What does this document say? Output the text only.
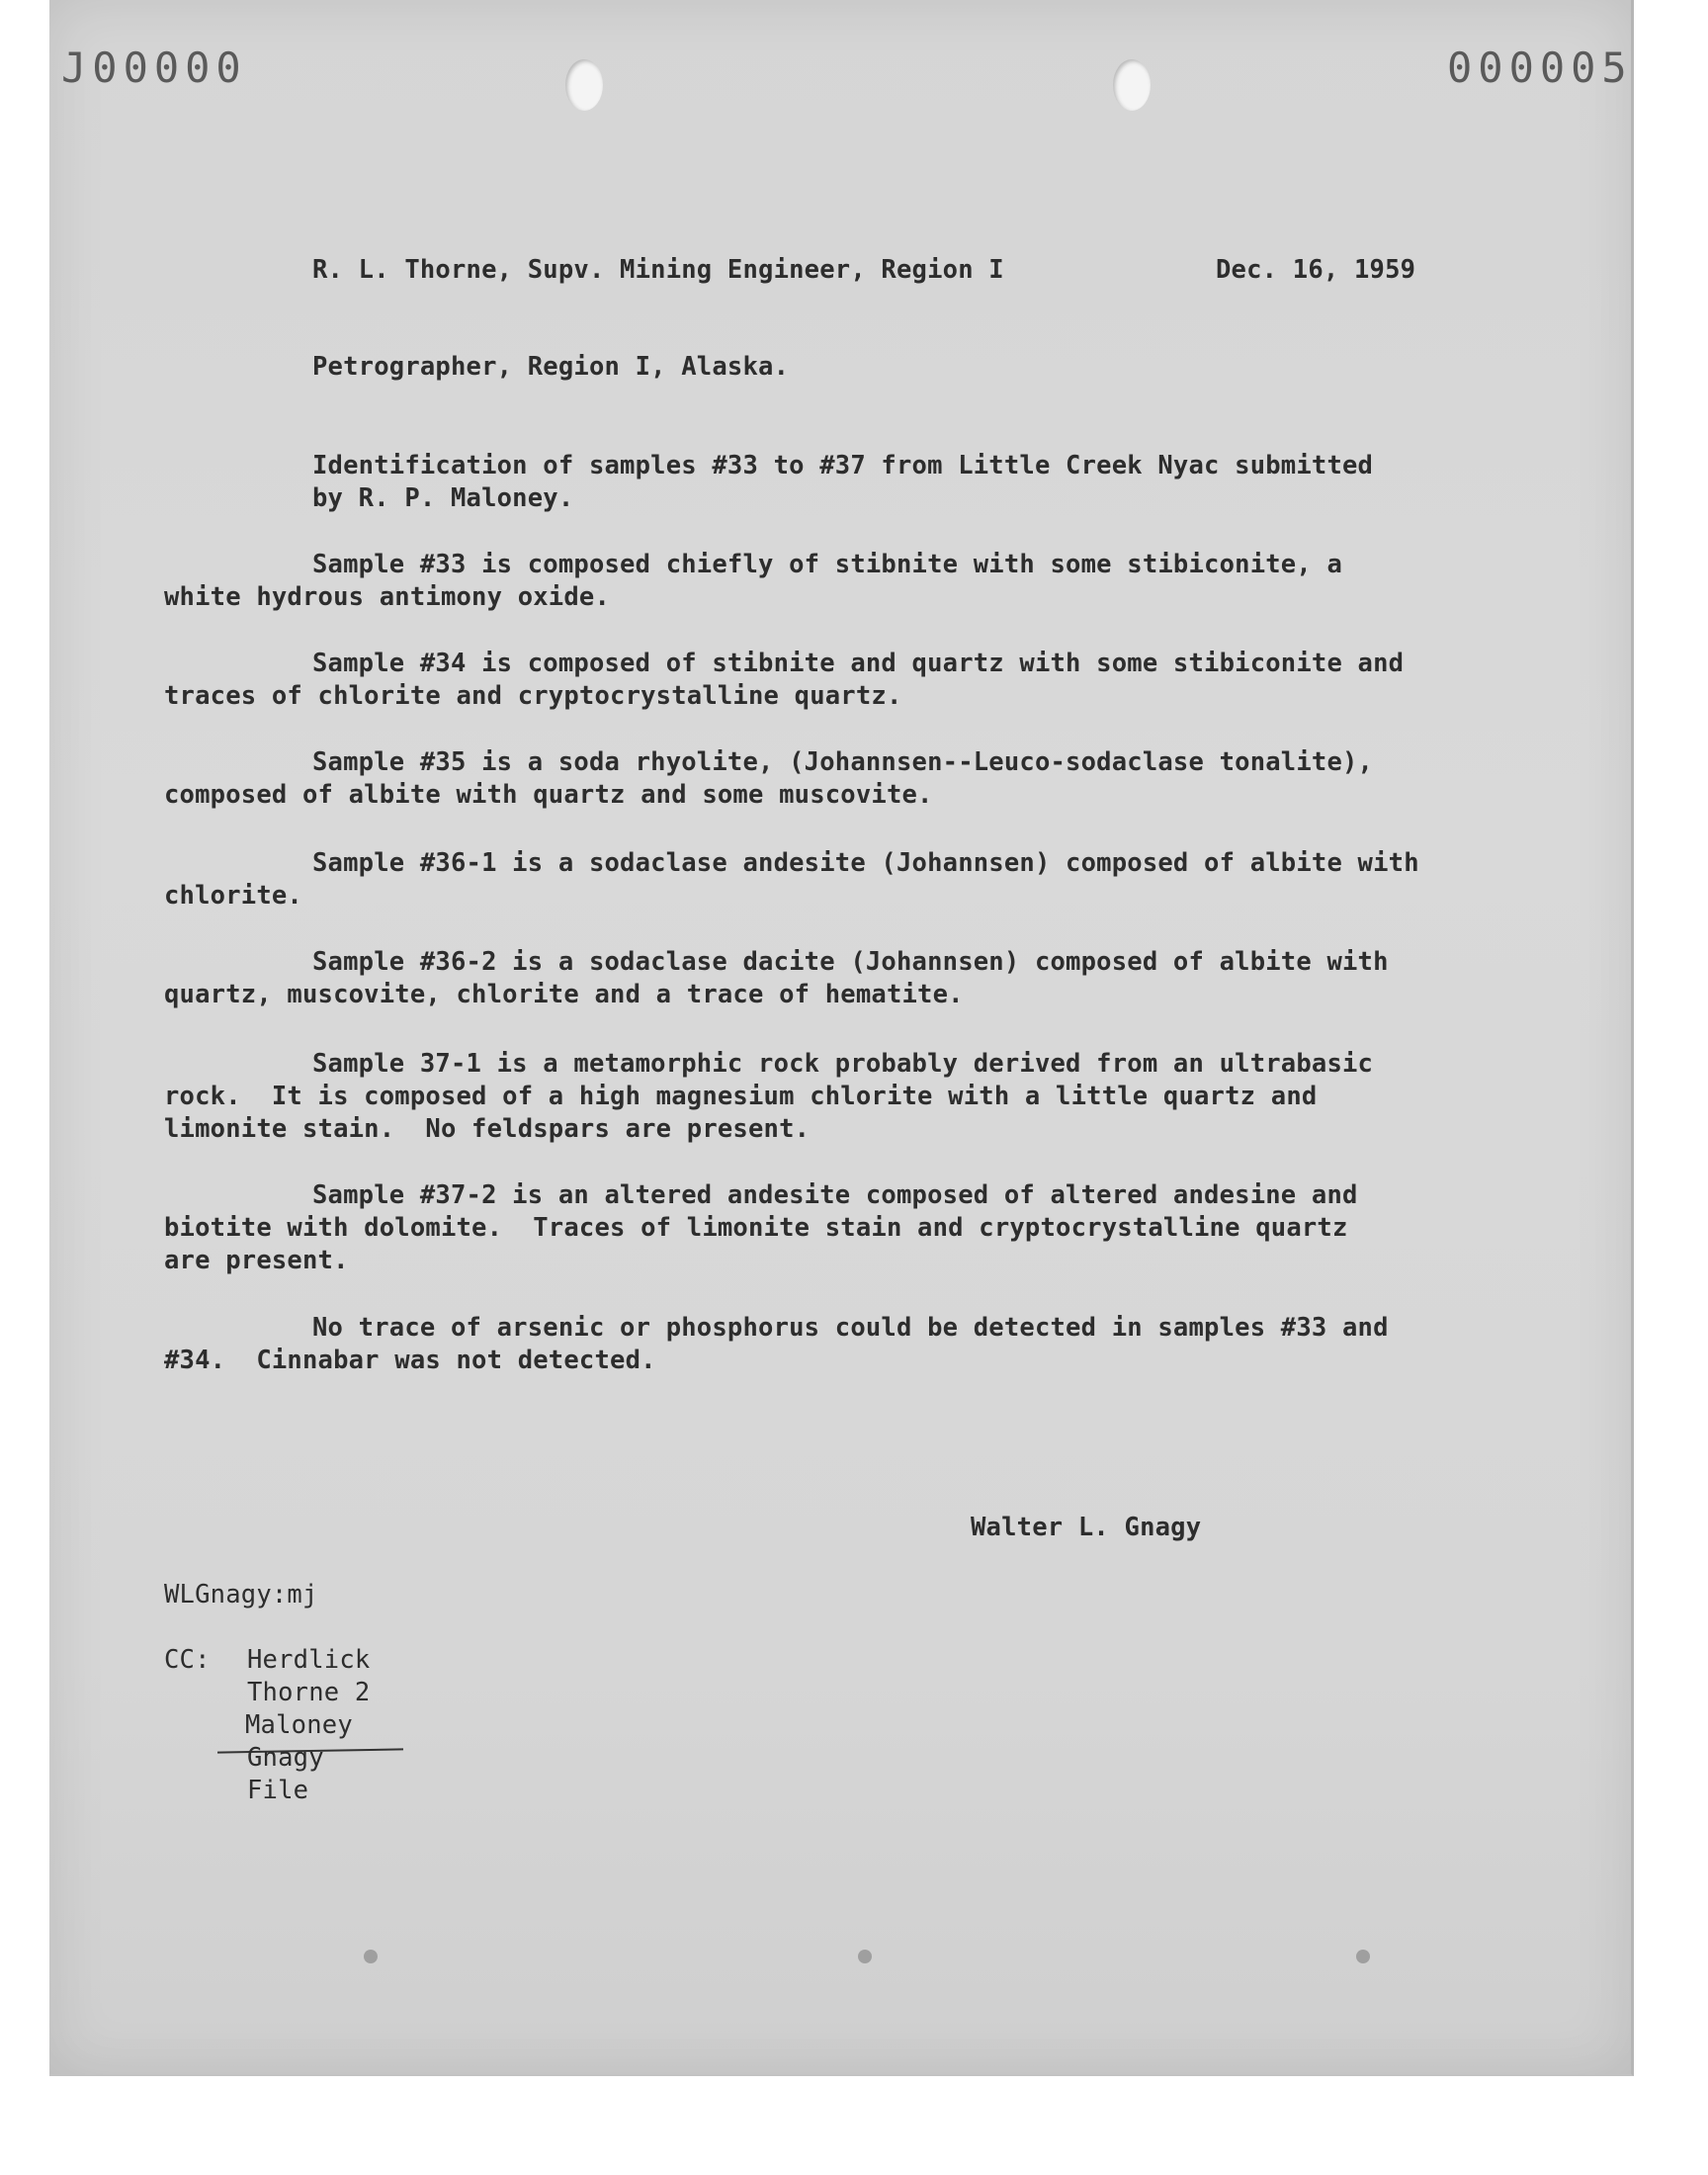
J00000	000005
R. L. Thorne, Supv. Mining Engineer, Region I	Dec. 16, 1959
Petrographer, Region I, Alaska.
Identification of samples #33 to #37 from Little Creek Nyac submitted
by R. P. Maloney.
Sample #33 is composed chiefly of stibnite with some stibiconite, a
white hydrous antimony oxide.
Sample #34 is composed of stibnite and quartz with some stibiconite and
traces of chlorite and cryptocrystalline quartz.
Sample #35 is a soda rhyolite, (Johannsen--Leuco-sodaclase tonalite),
composed of albite with quartz and some muscovite.
Sample #36-1 is a sodaclase andesite (Johannsen) composed of albite with
chlorite.
Sample #36-2 is a sodaclase dacite (Johannsen) composed of albite with
quartz, muscovite, chlorite and a trace of hematite.
Sample 37-1 is a metamorphic rock probably derived from an ultrabasic
rock.  It is composed of a high magnesium chlorite with a little quartz and
limonite stain.  No feldspars are present.
Sample #37-2 is an altered andesite composed of altered andesine and
biotite with dolomite.  Traces of limonite stain and cryptocrystalline quartz
are present.
No trace of arsenic or phosphorus could be detected in samples #33 and
#34.  Cinnabar was not detected.
Walter L. Gnagy
WLGnagy:mj
CC: Herdlick
Thorne 2
Maloney
Gnagy
File
